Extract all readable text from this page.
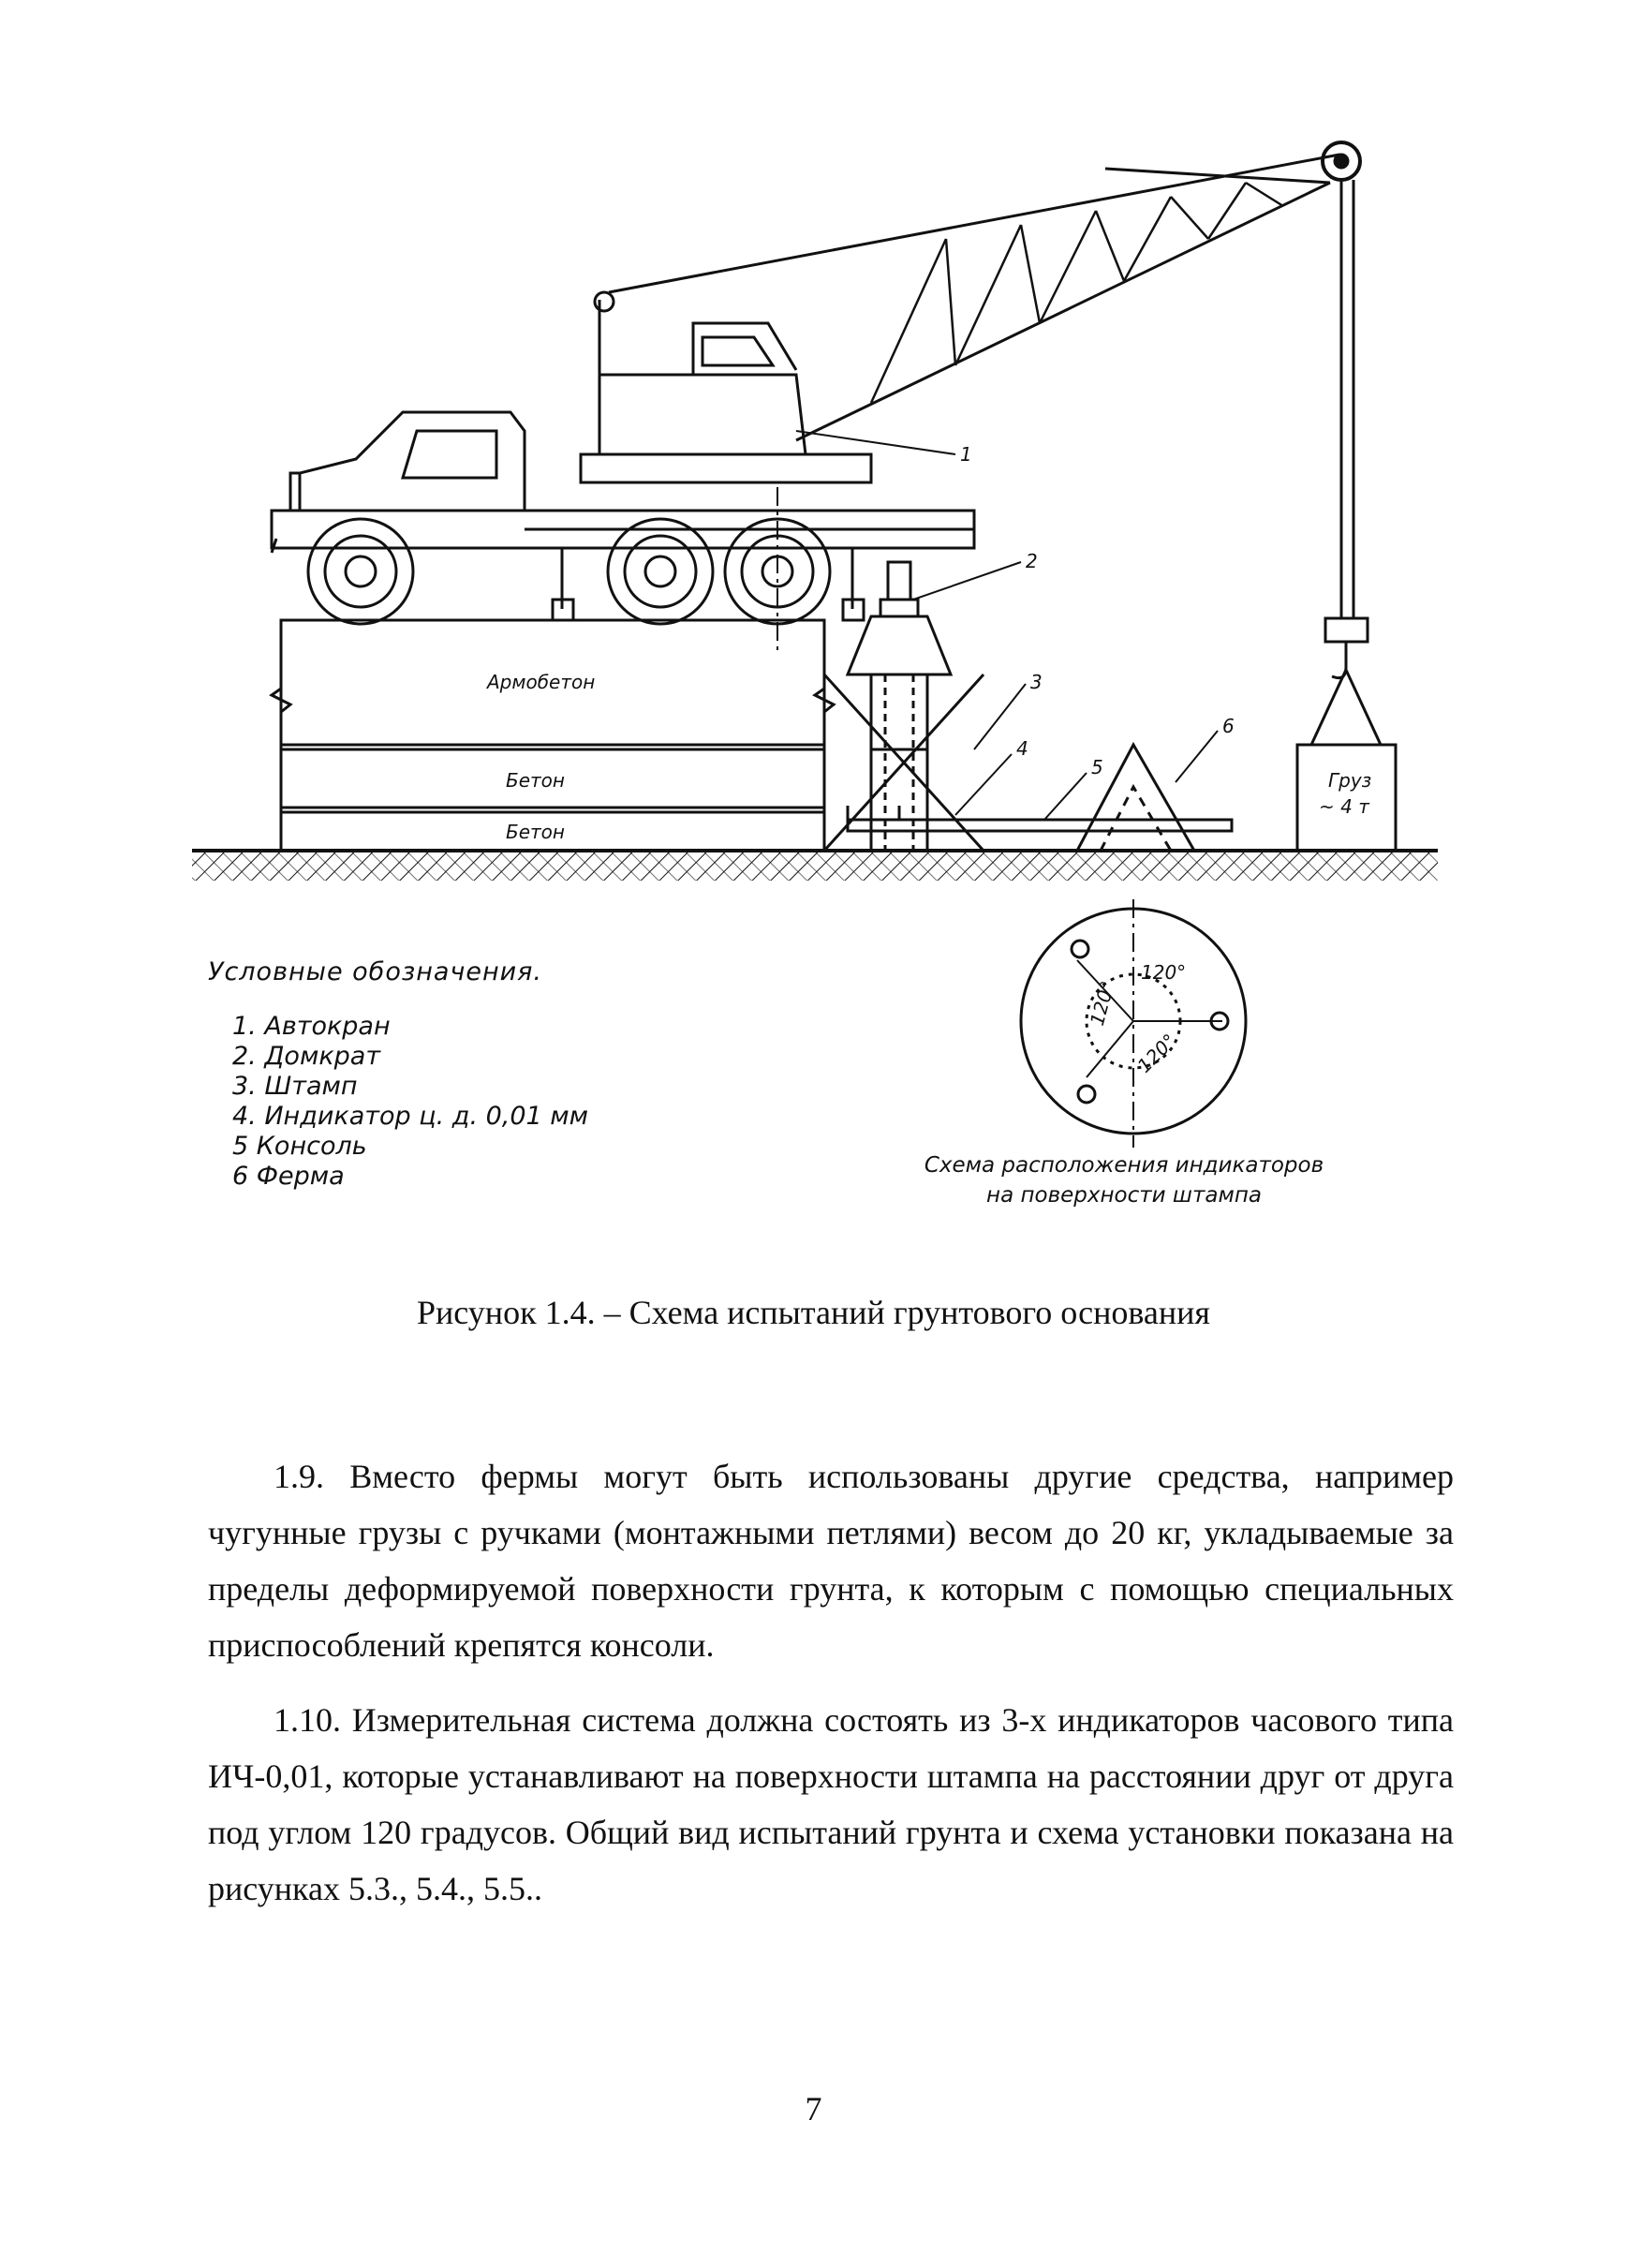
Армобетон
Бетон
Бетон
Груз
~ 4 т
1
2
3
4
5
6
120°
120°
120°
Условные обозначения.
1. Автокран
2. Домкрат
3. Штамп
4. Индикатор ц. д. 0,01 мм
5 Консоль
6 Ферма	Схема расположения индикаторов
на поверхности штампа
Рисунок 1.4. – Схема испытаний грунтового основания

1.9. Вместо фермы могут быть использованы другие средства, например чугунные грузы с ручками (монтажными петлями) весом до 20 кг, укладываемые за пределы деформируемой поверхности грунта, к которым с помощью специальных приспособлений крепятся консоли.

1.10. Измерительная система должна состоять из 3-х индикаторов часового типа ИЧ-0,01, которые устанавливают на поверхности штампа на расстоянии друг от друга под углом 120 градусов. Общий вид испытаний грунта и схема установки показана на рисунках 5.3., 5.4., 5.5..

7
